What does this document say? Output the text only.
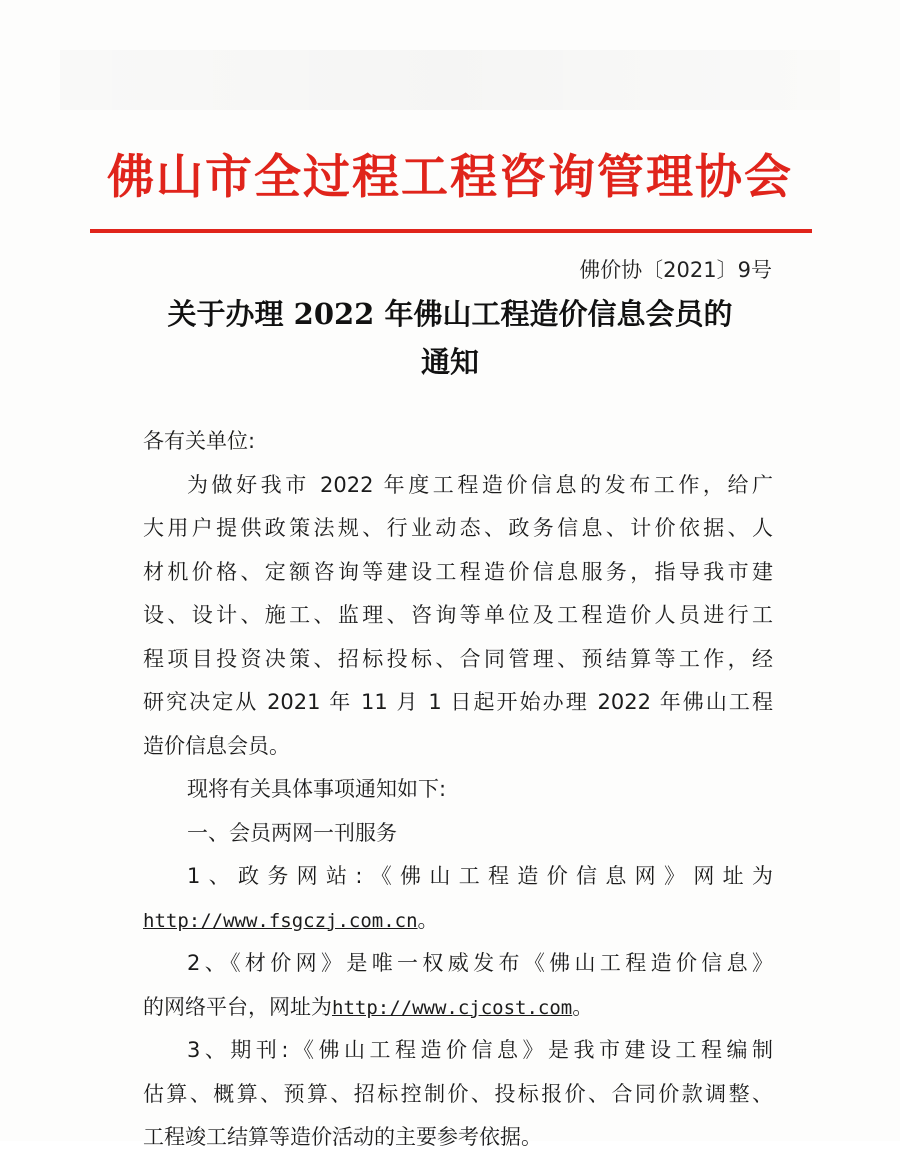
佛山市全过程工程咨询管理协会
佛价协〔2021〕9号
关于办理 2022 年佛山工程造价信息会员的
通知
各有关单位:
为做好我市 2022 年度工程造价信息的发布工作，给广
大用户提供政策法规、行业动态、政务信息、计价依据、人
材机价格、定额咨询等建设工程造价信息服务，指导我市建
设、设计、施工、监理、咨询等单位及工程造价人员进行工
程项目投资决策、招标投标、合同管理、预结算等工作，经
研究决定从 2021 年 11 月 1 日起开始办理 2022 年佛山工程
造价信息会员。
现将有关具体事项通知如下:
一、会员两网一刊服务
1、政务网站:《佛山工程造价信息网》网址为
http://www.fsgczj.com.cn。
2、《材价网》是唯一权威发布《佛山工程造价信息》
的网络平台，网址为http://www.cjcost.com。
3、期刊:《佛山工程造价信息》是我市建设工程编制
估算、概算、预算、招标控制价、投标报价、合同价款调整、
工程竣工结算等造价活动的主要参考依据。
